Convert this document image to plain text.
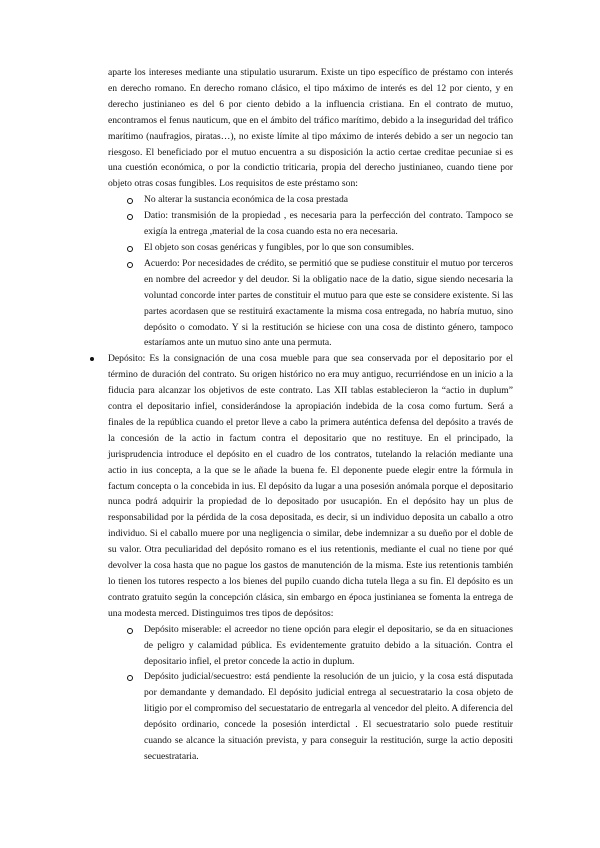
aparte los intereses mediante una stipulatio usurarum. Existe un tipo específico de préstamo con interés en derecho romano. En derecho romano clásico, el tipo máximo de interés es del 12 por ciento, y en derecho justinianeo es del 6 por ciento debido a la influencia cristiana. En el contrato de mutuo, encontramos el fenus nauticum, que en el ámbito del tráfico marítimo, debido a la inseguridad del tráfico marítimo (naufragios, piratas…), no existe límite al tipo máximo de interés debido a ser un negocio tan riesgoso. El beneficiado por el mutuo encuentra a su disposición la actio certae creditae pecuniae si es una cuestión económica, o por la condictio triticaria, propia del derecho justinianeo, cuando tiene por objeto otras cosas fungibles. Los requisitos de este préstamo son:

No alterar la sustancia económica de la cosa prestada
Datio: transmisión de la propiedad , es necesaria para la perfección del contrato. Tampoco se exigía la entrega ,material de la cosa cuando esta no era necesaria.
El objeto son cosas genéricas y fungibles, por lo que son consumibles.
Acuerdo: Por necesidades de crédito, se permitió que se pudiese constituir el mutuo por terceros en nombre del acreedor y del deudor. Si la obligatio nace de la datio, sigue siendo necesaria la voluntad concorde inter partes de constituir el mutuo para que este se considere existente. Si las partes acordasen que se restituirá exactamente la misma cosa entregada, no habría mutuo, sino depósito o comodato. Y si la restitución se hiciese con una cosa de distinto género, tampoco estaríamos ante un mutuo sino ante una permuta.

Depósito: Es la consignación de una cosa mueble para que sea conservada por el depositario por el término de duración del contrato. Su origen histórico no era muy antiguo, recurriéndose en un inicio a la fiducia para alcanzar los objetivos de este contrato. Las XII tablas establecieron la “actio in duplum” contra el depositario infiel, considerándose la apropiación indebida de la cosa como furtum. Será a finales de la república cuando el pretor lleve a cabo la primera auténtica defensa del depósito a través de la concesión de la actio in factum contra el depositario que no restituye. En el principado, la jurisprudencia introduce el depósito en el cuadro de los contratos, tutelando la relación mediante una actio in ius concepta, a la que se le añade la buena fe. El deponente puede elegir entre la fórmula in factum concepta o la concebida in ius. El depósito da lugar a una posesión anómala porque el depositario nunca podrá adquirir la propiedad de lo depositado por usucapión. En el depósito hay un plus de responsabilidad por la pérdida de la cosa depositada, es decir, si un individuo deposita un caballo a otro individuo. Si el caballo muere por una negligencia o similar, debe indemnizar a su dueño por el doble de su valor. Otra peculiaridad del depósito romano es el ius retentionis, mediante el cual no tiene por qué devolver la cosa hasta que no pague los gastos de manutención de la misma. Este ius retentionis también lo tienen los tutores respecto a los bienes del pupilo cuando dicha tutela llega a su fin. El depósito es un contrato gratuito según la concepción clásica, sin embargo en época justinianea se fomenta la entrega de una modesta merced. Distinguimos tres tipos de depósitos:

Depósito miserable: el acreedor no tiene opción para elegir el depositario, se da en situaciones de peligro y calamidad pública. Es evidentemente gratuito debido a la situación. Contra el depositario infiel, el pretor concede la actio in duplum.
Depósito judicial/secuestro: está pendiente la resolución de un juicio, y la cosa está disputada por demandante y demandado. El depósito judicial entrega al secuestratario la cosa objeto de litigio por el compromiso del secuestatario de entregarla al vencedor del pleito. A diferencia del depósito ordinario, concede la posesión interdictal . El secuestratario solo puede restituir cuando se alcance la situación prevista, y para conseguir la restitución, surge la actio depositi secuestrataria.
